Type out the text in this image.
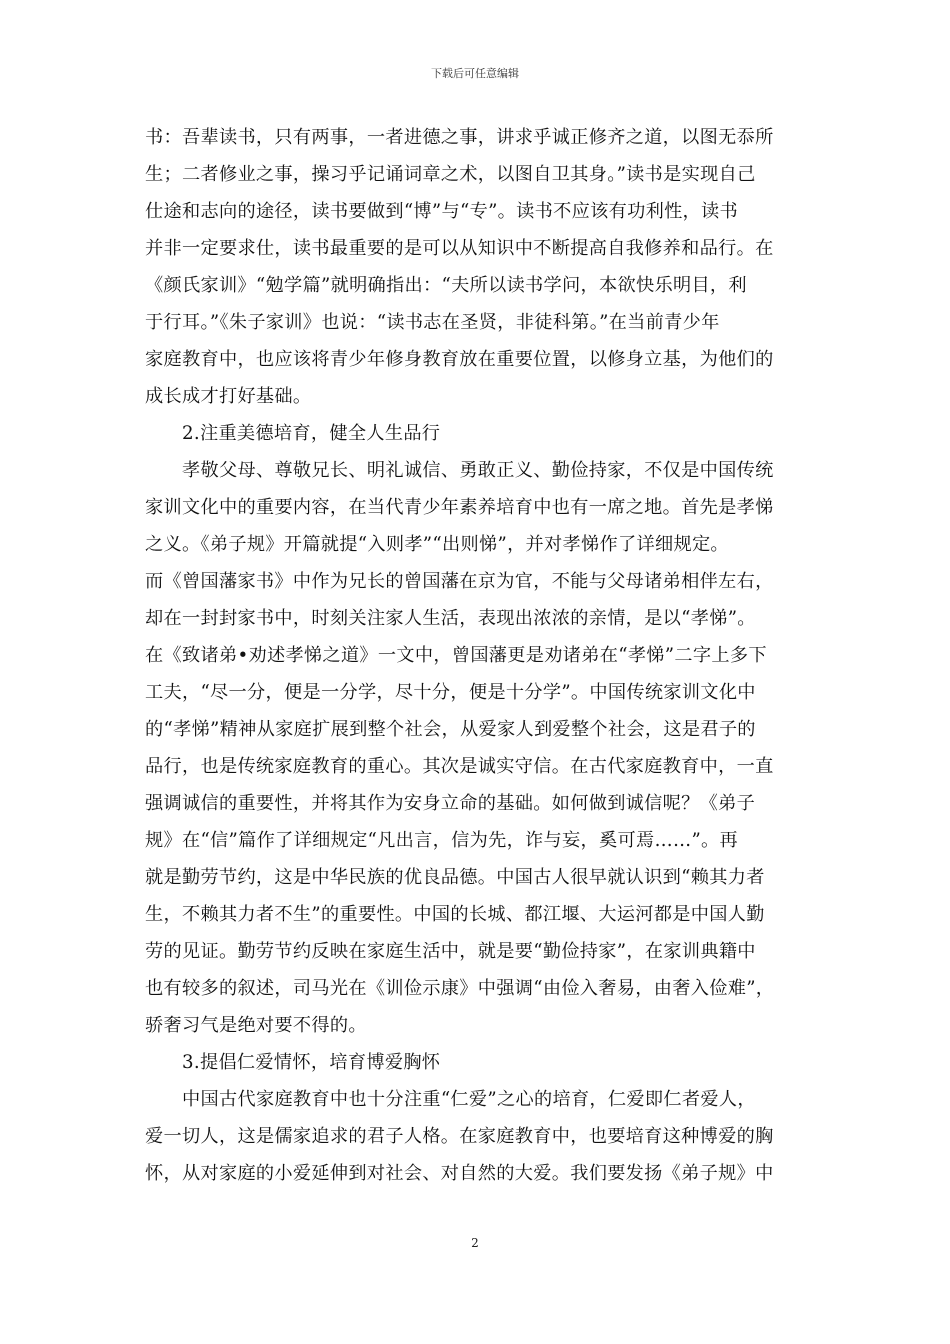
下载后可任意编辑
书：吾辈读书，只有两事，一者进德之事，讲求乎诚正修齐之道，以图无忝所
生；二者修业之事，操习乎记诵词章之术，以图自卫其身。”读书是实现自己
仕途和志向的途径，读书要做到“博”与“专”。读书不应该有功利性，读书
并非一定要求仕，读书最重要的是可以从知识中不断提高自我修养和品行。在
《颜氏家训》“勉学篇”就明确指出：“夫所以读书学问，本欲快乐明目，利
于行耳。”《朱子家训》也说：“读书志在圣贤，非徒科第。”在当前青少年
家庭教育中，也应该将青少年修身教育放在重要位置，以修身立基，为他们的
成长成才打好基础。
2.注重美德培育，健全人生品行
孝敬父母、尊敬兄长、明礼诚信、勇敢正义、勤俭持家，不仅是中国传统
家训文化中的重要内容，在当代青少年素养培育中也有一席之地。首先是孝悌
之义。《弟子规》开篇就提“入则孝”“出则悌”，并对孝悌作了详细规定。
而《曾国藩家书》中作为兄长的曾国藩在京为官，不能与父母诸弟相伴左右，
却在一封封家书中，时刻关注家人生活，表现出浓浓的亲情，是以“孝悌”。
在《致诸弟•劝述孝悌之道》一文中，曾国藩更是劝诸弟在“孝悌”二字上多下
工夫，“尽一分，便是一分学，尽十分，便是十分学”。中国传统家训文化中
的“孝悌”精神从家庭扩展到整个社会，从爱家人到爱整个社会，这是君子的
品行，也是传统家庭教育的重心。其次是诚实守信。在古代家庭教育中，一直
强调诚信的重要性，并将其作为安身立命的基础。如何做到诚信呢？《弟子
规》在“信”篇作了详细规定“凡出言，信为先，诈与妄，奚可焉……”。再
就是勤劳节约，这是中华民族的优良品德。中国古人很早就认识到“赖其力者
生，不赖其力者不生”的重要性。中国的长城、都江堰、大运河都是中国人勤
劳的见证。勤劳节约反映在家庭生活中，就是要“勤俭持家”，在家训典籍中
也有较多的叙述，司马光在《训俭示康》中强调“由俭入奢易，由奢入俭难”，
骄奢习气是绝对要不得的。
3.提倡仁爱情怀，培育博爱胸怀
中国古代家庭教育中也十分注重“仁爱”之心的培育，仁爱即仁者爱人，
爱一切人，这是儒家追求的君子人格。在家庭教育中，也要培育这种博爱的胸
怀，从对家庭的小爱延伸到对社会、对自然的大爱。我们要发扬《弟子规》中
2
